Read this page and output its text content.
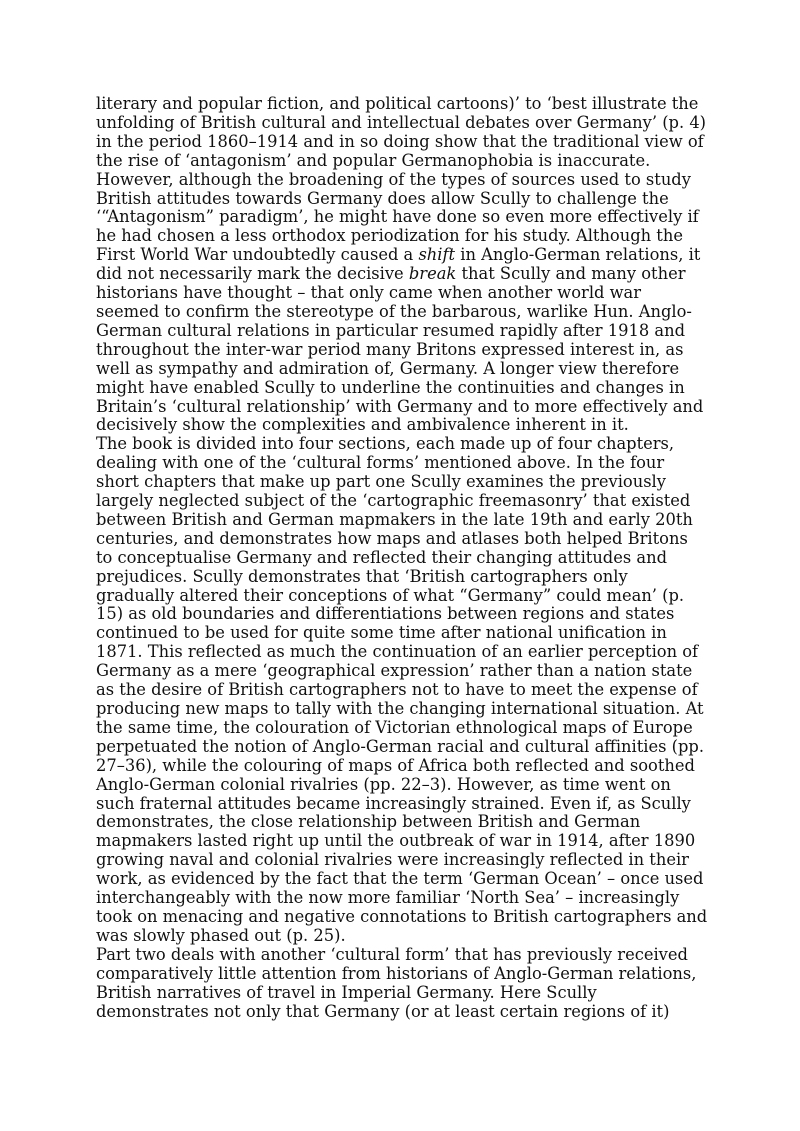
literary and popular fiction, and political cartoons)’ to ‘best illustrate the
unfolding of British cultural and intellectual debates over Germany’ (p. 4)
in the period 1860–1914 and in so doing show that the traditional view of
the rise of ‘antagonism’ and popular Germanophobia is inaccurate.
However, although the broadening of the types of sources used to study
British attitudes towards Germany does allow Scully to challenge the
‘“Antagonism” paradigm’, he might have done so even more effectively if
he had chosen a less orthodox periodization for his study. Although the
First World War undoubtedly caused a shift in Anglo-German relations, it
did not necessarily mark the decisive break that Scully and many other
historians have thought – that only came when another world war
seemed to confirm the stereotype of the barbarous, warlike Hun. Anglo-
German cultural relations in particular resumed rapidly after 1918 and
throughout the inter-war period many Britons expressed interest in, as
well as sympathy and admiration of, Germany. A longer view therefore
might have enabled Scully to underline the continuities and changes in
Britain’s ‘cultural relationship’ with Germany and to more effectively and
decisively show the complexities and ambivalence inherent in it.
The book is divided into four sections, each made up of four chapters,
dealing with one of the ‘cultural forms’ mentioned above. In the four
short chapters that make up part one Scully examines the previously
largely neglected subject of the ‘cartographic freemasonry’ that existed
between British and German mapmakers in the late 19th and early 20th
centuries, and demonstrates how maps and atlases both helped Britons
to conceptualise Germany and reflected their changing attitudes and
prejudices. Scully demonstrates that ‘British cartographers only
gradually altered their conceptions of what “Germany” could mean’ (p.
15) as old boundaries and differentiations between regions and states
continued to be used for quite some time after national unification in
1871. This reflected as much the continuation of an earlier perception of
Germany as a mere ‘geographical expression’ rather than a nation state
as the desire of British cartographers not to have to meet the expense of
producing new maps to tally with the changing international situation. At
the same time, the colouration of Victorian ethnological maps of Europe
perpetuated the notion of Anglo-German racial and cultural affinities (pp.
27–36), while the colouring of maps of Africa both reflected and soothed
Anglo-German colonial rivalries (pp. 22–3). However, as time went on
such fraternal attitudes became increasingly strained. Even if, as Scully
demonstrates, the close relationship between British and German
mapmakers lasted right up until the outbreak of war in 1914, after 1890
growing naval and colonial rivalries were increasingly reflected in their
work, as evidenced by the fact that the term ‘German Ocean’ – once used
interchangeably with the now more familiar ‘North Sea’ – increasingly
took on menacing and negative connotations to British cartographers and
was slowly phased out (p. 25).
Part two deals with another ‘cultural form’ that has previously received
comparatively little attention from historians of Anglo-German relations,
British narratives of travel in Imperial Germany. Here Scully
demonstrates not only that Germany (or at least certain regions of it)
